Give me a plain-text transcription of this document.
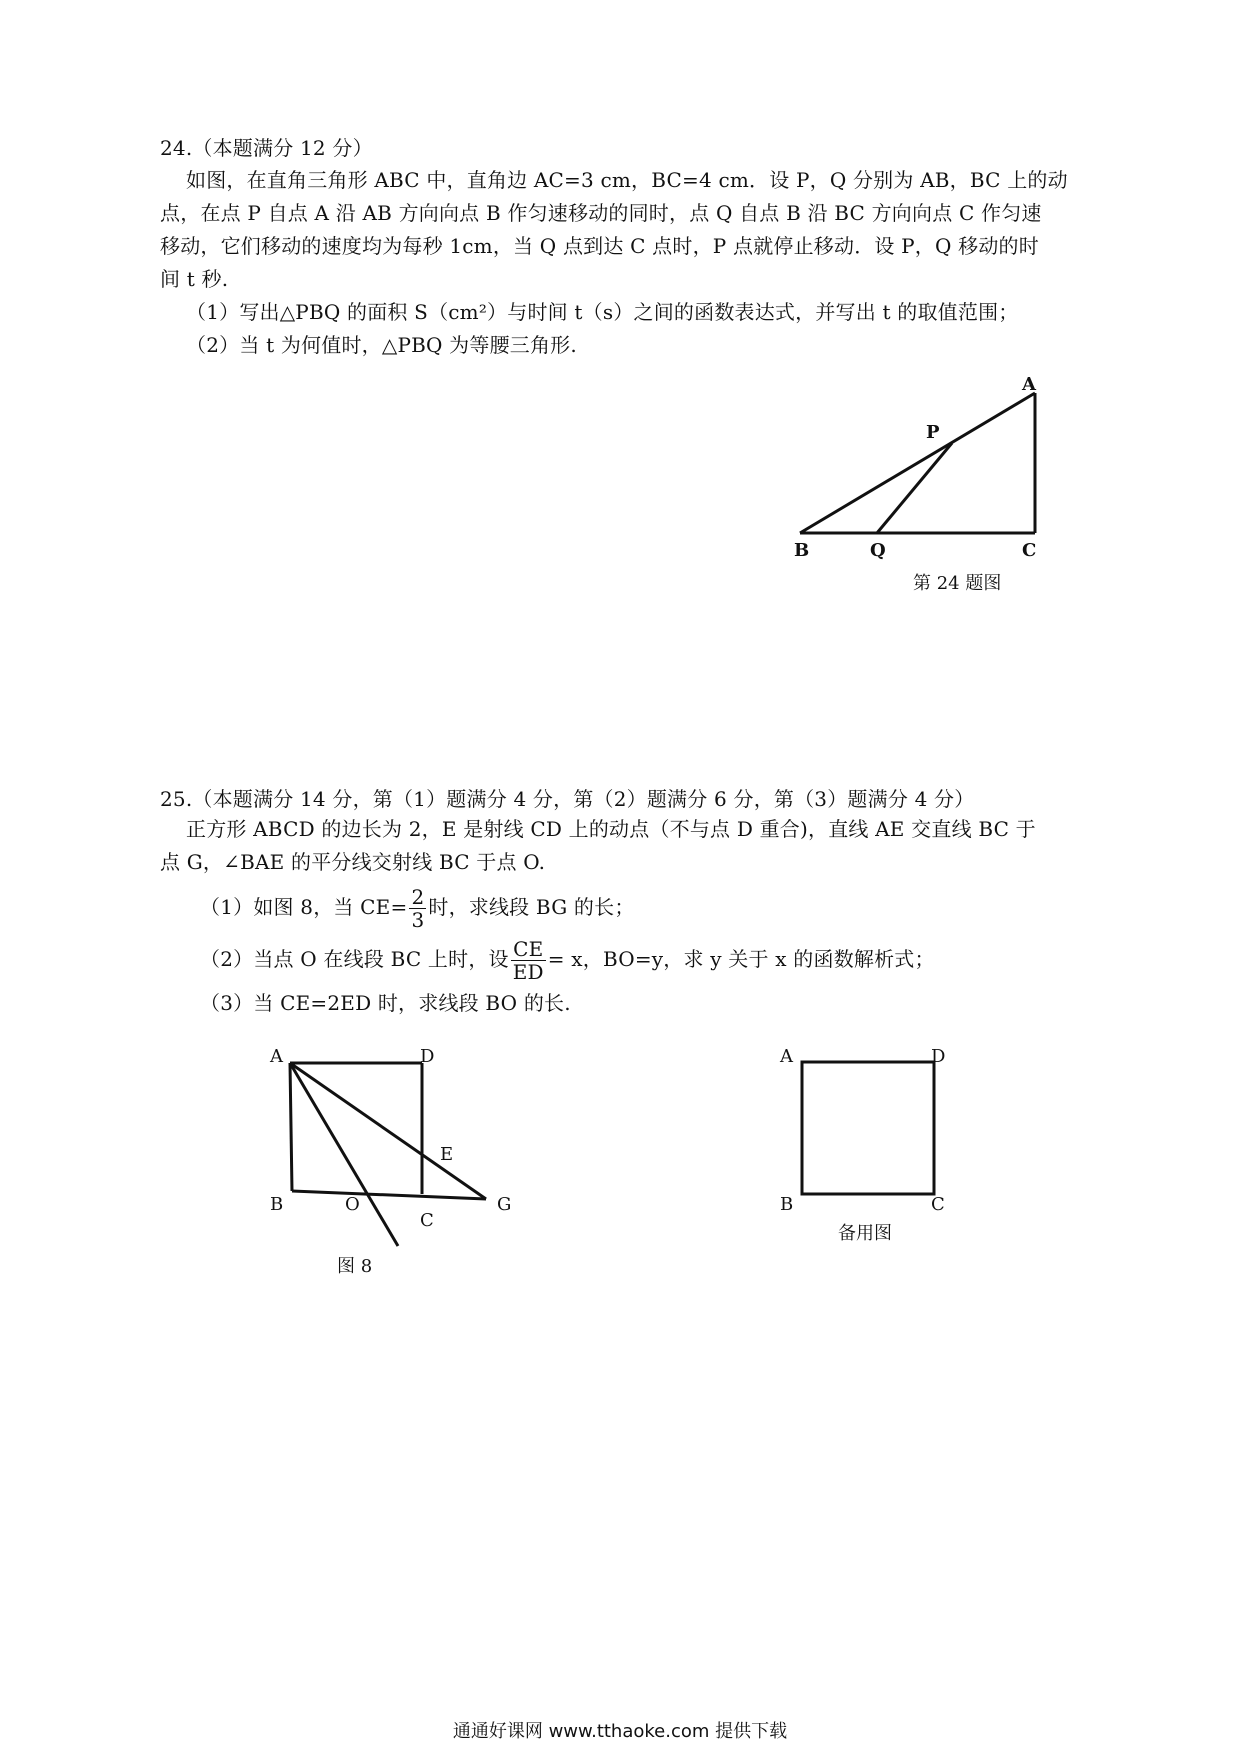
24.（本题满分 12 分）
如图，在直角三角形 ABC 中，直角边 AC=3 cm，BC=4 cm．设 P，Q 分别为 AB，BC 上的动
点，在点 P 自点 A 沿 AB 方向向点 B 作匀速移动的同时，点 Q 自点 B 沿 BC 方向向点 C 作匀速
移动，它们移动的速度均为每秒 1cm，当 Q 点到达 C 点时，P 点就停止移动．设 P，Q 移动的时
间 t 秒.
（1）写出△PBQ 的面积 S（cm²）与时间 t（s）之间的函数表达式，并写出 t 的取值范围；
（2）当 t 为何值时，△PBQ 为等腰三角形.
A
P
B	Q	C
第 24 题图
25.（本题满分 14 分，第（1）题满分 4 分，第（2）题满分 6 分，第（3）题满分 4 分）
正方形 ABCD 的边长为 2，E 是射线 CD 上的动点（不与点 D 重合)，直线 AE 交直线 BC 于
点 G，∠BAE 的平分线交射线 BC 于点 O.
（1）如图 8，当 $CE= \frac{2}{3}$ 时，求线段 BG 的长；
（2）当点 O 在线段 BC 上时，设 $\frac{CE}{ED} = x$，BO=y，求 y 关于 x 的函数解析式；
（3）当 CE=2ED 时，求线段 BO 的长.
A	D
E
B	O
C
G
图 8
A	D
B	C
备用图
通通好课网 www.tthaoke.com 提供下载
